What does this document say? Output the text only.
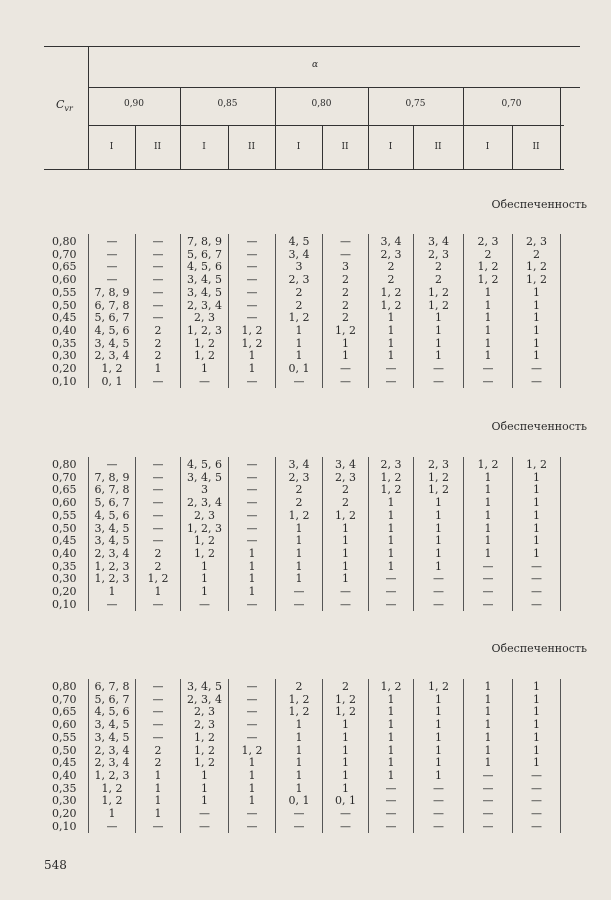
$C_{vr}$
α
0,90	0,85	0,80	0,75	0,70
I	II	I	II	I	II	I	II	I	II
Обеспеченность
0,80	—	—	7, 8, 9	—	4, 5	—	3, 4	3, 4	2, 3	2, 3
0,70	—	—	5, 6, 7	—	3, 4	—	2, 3	2, 3	2	2
0,65	—	—	4, 5, 6	—	3	3	2	2	1, 2	1, 2
0,60	—	—	3, 4, 5	—	2, 3	2	2	2	1, 2	1, 2
0,55	7, 8, 9	—	3, 4, 5	—	2	2	1, 2	1, 2	1	1
0,50	6, 7, 8	—	2, 3, 4	—	2	2	1, 2	1, 2	1	1
0,45	5, 6, 7	—	2, 3	—	1, 2	2	1	1	1	1
0,40	4, 5, 6	2	1, 2, 3	1, 2	1	1, 2	1	1	1	1
0,35	3, 4, 5	2	1, 2	1, 2	1	1	1	1	1	1
0,30	2, 3, 4	2	1, 2	1	1	1	1	1	1	1
0,20	1, 2	1	1	1	0, 1	—	—	—	—	—
0,10	0, 1	—	—	—	—	—	—	—	—	—
Обеспеченность
0,80	—	—	4, 5, 6	—	3, 4	3, 4	2, 3	2, 3	1, 2	1, 2
0,70	7, 8, 9	—	3, 4, 5	—	2, 3	2, 3	1, 2	1, 2	1	1
0,65	6, 7, 8	—	3	—	2	2	1, 2	1, 2	1	1
0,60	5, 6, 7	—	2, 3, 4	—	2	2	1	1	1	1
0,55	4, 5, 6	—	2, 3	—	1, 2	1, 2	1	1	1	1
0,50	3, 4, 5	—	1, 2, 3	—	1	1	1	1	1	1
0,45	3, 4, 5	—	1, 2	—	1	1	1	1	1	1
0,40	2, 3, 4	2	1, 2	1	1	1	1	1	1	1
0,35	1, 2, 3	2	1	1	1	1	1	1	—	—
0,30	1, 2, 3	1, 2	1	1	1	1	—	—	—	—
0,20	1	1	1	1	—	—	—	—	—	—
0,10	—	—	—	—	—	—	—	—	—	—
Обеспеченность
0,80	6, 7, 8	—	3, 4, 5	—	2	2	1, 2	1, 2	1	1
0,70	5, 6, 7	—	2, 3, 4	—	1, 2	1, 2	1	1	1	1
0,65	4, 5, 6	—	2, 3	—	1, 2	1, 2	1	1	1	1
0,60	3, 4, 5	—	2, 3	—	1	1	1	1	1	1
0,55	3, 4, 5	—	1, 2	—	1	1	1	1	1	1
0,50	2, 3, 4	2	1, 2	1, 2	1	1	1	1	1	1
0,45	2, 3, 4	2	1, 2	1	1	1	1	1	1	1
0,40	1, 2, 3	1	1	1	1	1	1	1	—	—
0,35	1, 2	1	1	1	1	1	—	—	—	—
0,30	1, 2	1	1	1	0, 1	0, 1	—	—	—	—
0,20	1	1	—	—	—	—	—	—	—	—
0,10	—	—	—	—	—	—	—	—	—	—
548
